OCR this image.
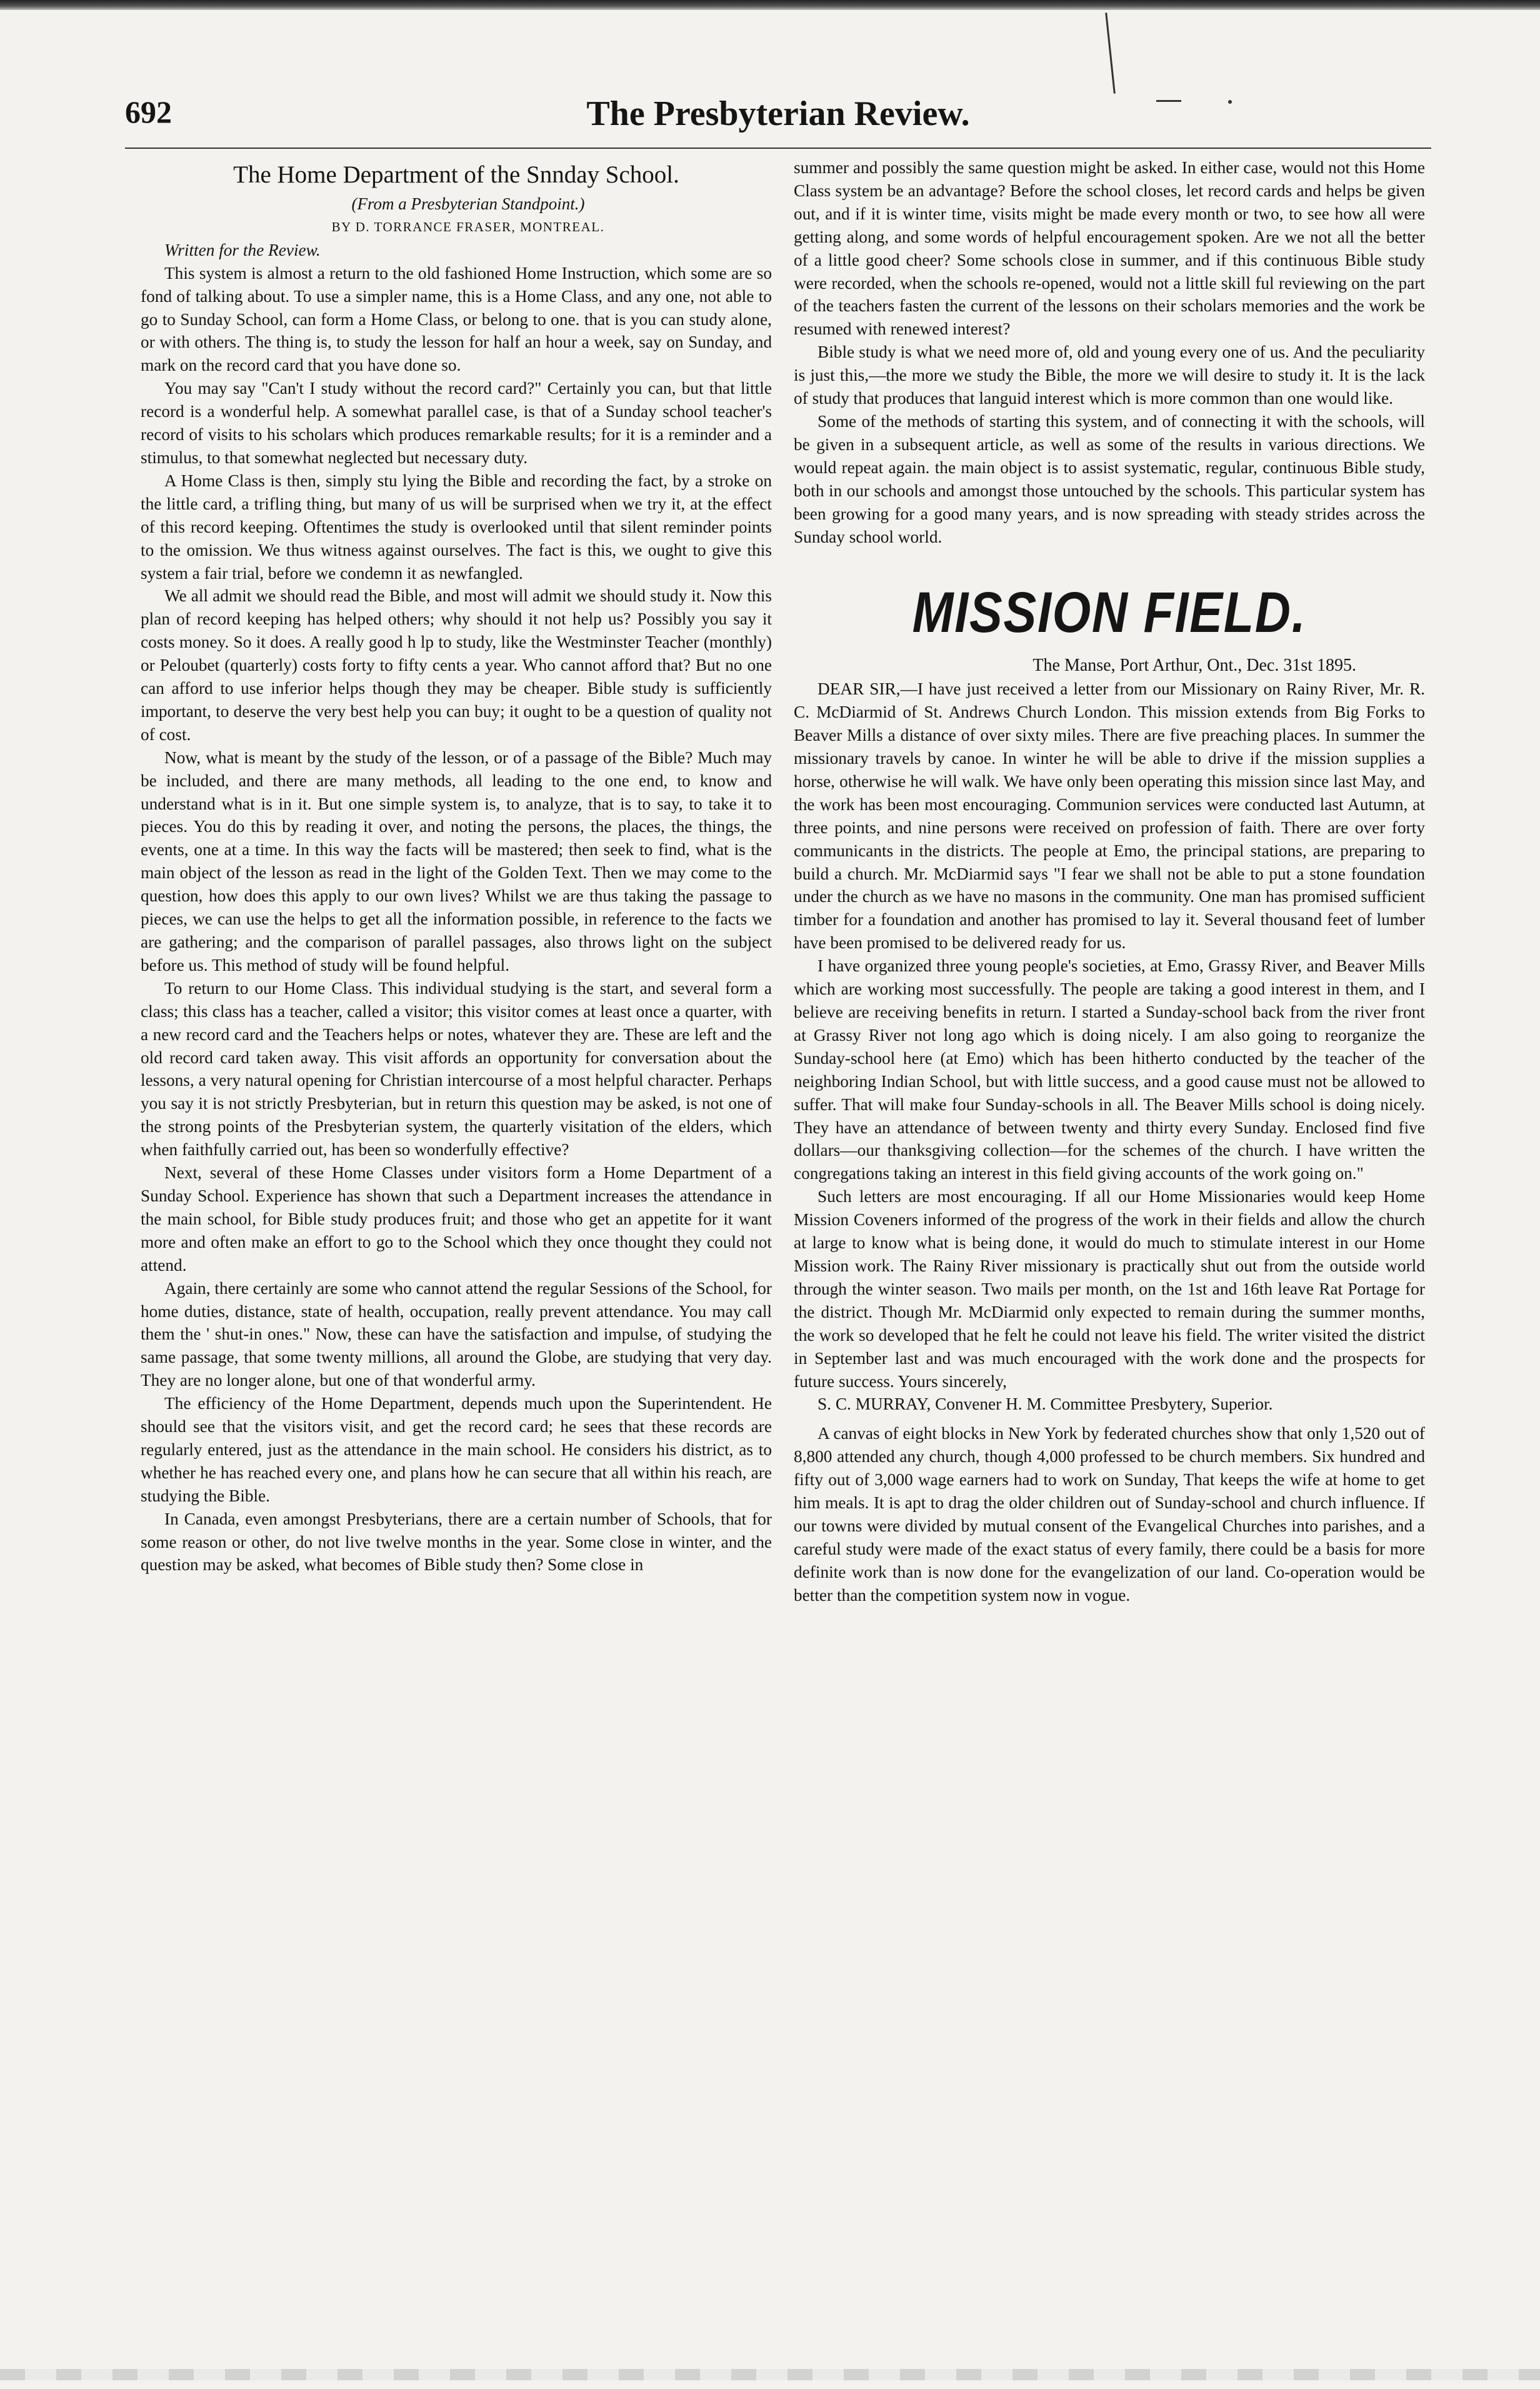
692	The Presbyterian Review.
The Home Department of the Snnday School.

(From a Presbyterian Standpoint.)

BY D. TORRANCE FRASER, MONTREAL.

Written for the Review.

This system is almost a return to the old fashioned Home Instruction, which some are so fond of talking about. To use a simpler name, this is a Home Class, and any one, not able to go to Sunday School, can form a Home Class, or belong to one. that is you can study alone, or with others. The thing is, to study the lesson for half an hour a week, say on Sunday, and mark on the record card that you have done so.

You may say "Can't I study without the record card?" Certainly you can, but that little record is a wonderful help. A somewhat parallel case, is that of a Sunday school teacher's record of visits to his scholars which produces remarkable results; for it is a reminder and a stimulus, to that somewhat neglected but necessary duty.

A Home Class is then, simply stu lying the Bible and recording the fact, by a stroke on the little card, a trifling thing, but many of us will be surprised when we try it, at the effect of this record keeping. Oftentimes the study is overlooked until that silent reminder points to the omission. We thus witness against ourselves. The fact is this, we ought to give this system a fair trial, before we condemn it as newfangled.

We all admit we should read the Bible, and most will admit we should study it. Now this plan of record keeping has helped others; why should it not help us? Possibly you say it costs money. So it does. A really good h lp to study, like the Westminster Teacher (monthly) or Peloubet (quarterly) costs forty to fifty cents a year. Who cannot afford that? But no one can afford to use inferior helps though they may be cheaper. Bible study is sufficiently important, to deserve the very best help you can buy; it ought to be a question of quality not of cost.

Now, what is meant by the study of the lesson, or of a passage of the Bible? Much may be included, and there are many methods, all leading to the one end, to know and understand what is in it. But one simple system is, to analyze, that is to say, to take it to pieces. You do this by reading it over, and noting the persons, the places, the things, the events, one at a time. In this way the facts will be mastered; then seek to find, what is the main object of the lesson as read in the light of the Golden Text. Then we may come to the question, how does this apply to our own lives? Whilst we are thus taking the passage to pieces, we can use the helps to get all the information possible, in reference to the facts we are gathering; and the comparison of parallel passages, also throws light on the subject before us. This method of study will be found helpful.

To return to our Home Class. This individual studying is the start, and several form a class; this class has a teacher, called a visitor; this visitor comes at least once a quarter, with a new record card and the Teachers helps or notes, whatever they are. These are left and the old record card taken away. This visit affords an opportunity for conversation about the lessons, a very natural opening for Christian intercourse of a most helpful character. Perhaps you say it is not strictly Presbyterian, but in return this question may be asked, is not one of the strong points of the Presbyterian system, the quarterly visitation of the elders, which when faithfully carried out, has been so wonderfully effective?

Next, several of these Home Classes under visitors form a Home Department of a Sunday School. Experience has shown that such a Department increases the attendance in the main school, for Bible study produces fruit; and those who get an appetite for it want more and often make an effort to go to the School which they once thought they could not attend.

Again, there certainly are some who cannot attend the regular Sessions of the School, for home duties, distance, state of health, occupation, really prevent attendance. You may call them the ' shut-in ones." Now, these can have the satisfaction and impulse, of studying the same passage, that some twenty millions, all around the Globe, are studying that very day. They are no longer alone, but one of that wonderful army.

The efficiency of the Home Department, depends much upon the Superintendent. He should see that the visitors visit, and get the record card; he sees that these records are regularly entered, just as the attendance in the main school. He considers his district, as to whether he has reached every one, and plans how he can secure that all within his reach, are studying the Bible.

In Canada, even amongst Presbyterians, there are a certain number of Schools, that for some reason or other, do not live twelve months in the year. Some close in winter, and the question may be asked, what becomes of Bible study then? Some close in

summer and possibly the same question might be asked. In either case, would not this Home Class system be an advantage? Before the school closes, let record cards and helps be given out, and if it is winter time, visits might be made every month or two, to see how all were getting along, and some words of helpful encouragement spoken. Are we not all the better of a little good cheer? Some schools close in summer, and if this continuous Bible study were recorded, when the schools re-opened, would not a little skill ful reviewing on the part of the teachers fasten the current of the lessons on their scholars memories and the work be resumed with renewed interest?

Bible study is what we need more of, old and young every one of us. And the peculiarity is just this,—the more we study the Bible, the more we will desire to study it. It is the lack of study that produces that languid interest which is more common than one would like.

Some of the methods of starting this system, and of connecting it with the schools, will be given in a subsequent article, as well as some of the results in various directions. We would repeat again. the main object is to assist systematic, regular, continuous Bible study, both in our schools and amongst those untouched by the schools. This particular system has been growing for a good many years, and is now spreading with steady strides across the Sunday school world.

MISSION FIELD.

The Manse, Port Arthur, Ont., Dec. 31st 1895.

DEAR SIR,—I have just received a letter from our Missionary on Rainy River, Mr. R. C. McDiarmid of St. Andrews Church London. This mission extends from Big Forks to Beaver Mills a distance of over sixty miles. There are five preaching places. In summer the missionary travels by canoe. In winter he will be able to drive if the mission supplies a horse, otherwise he will walk. We have only been operating this mission since last May, and the work has been most encouraging. Communion services were conducted last Autumn, at three points, and nine persons were received on profession of faith. There are over forty communicants in the districts. The people at Emo, the principal stations, are preparing to build a church. Mr. McDiarmid says "I fear we shall not be able to put a stone foundation under the church as we have no masons in the community. One man has promised sufficient timber for a foundation and another has promised to lay it. Several thousand feet of lumber have been promised to be delivered ready for us.

I have organized three young people's societies, at Emo, Grassy River, and Beaver Mills which are working most successfully. The people are taking a good interest in them, and I believe are receiving benefits in return. I started a Sunday-school back from the river front at Grassy River not long ago which is doing nicely. I am also going to reorganize the Sunday-school here (at Emo) which has been hitherto conducted by the teacher of the neighboring Indian School, but with little success, and a good cause must not be allowed to suffer. That will make four Sunday-schools in all. The Beaver Mills school is doing nicely. They have an attendance of between twenty and thirty every Sunday. Enclosed find five dollars—our thanksgiving collection—for the schemes of the church. I have written the congregations taking an interest in this field giving accounts of the work going on."

Such letters are most encouraging. If all our Home Missionaries would keep Home Mission Coveners informed of the progress of the work in their fields and allow the church at large to know what is being done, it would do much to stimulate interest in our Home Mission work. The Rainy River missionary is practically shut out from the outside world through the winter season. Two mails per month, on the 1st and 16th leave Rat Portage for the district. Though Mr. McDiarmid only expected to remain during the summer months, the work so developed that he felt he could not leave his field. The writer visited the district in September last and was much encouraged with the work done and the prospects for future success. Yours sincerely,

S. C. MURRAY, Convener H. M. Committee Presbytery, Superior.

A canvas of eight blocks in New York by federated churches show that only 1,520 out of 8,800 attended any church, though 4,000 professed to be church members. Six hundred and fifty out of 3,000 wage earners had to work on Sunday, That keeps the wife at home to get him meals. It is apt to drag the older children out of Sunday-school and church influence. If our towns were divided by mutual consent of the Evangelical Churches into parishes, and a careful study were made of the exact status of every family, there could be a basis for more definite work than is now done for the evangelization of our land. Co-operation would be better than the competition system now in vogue.
